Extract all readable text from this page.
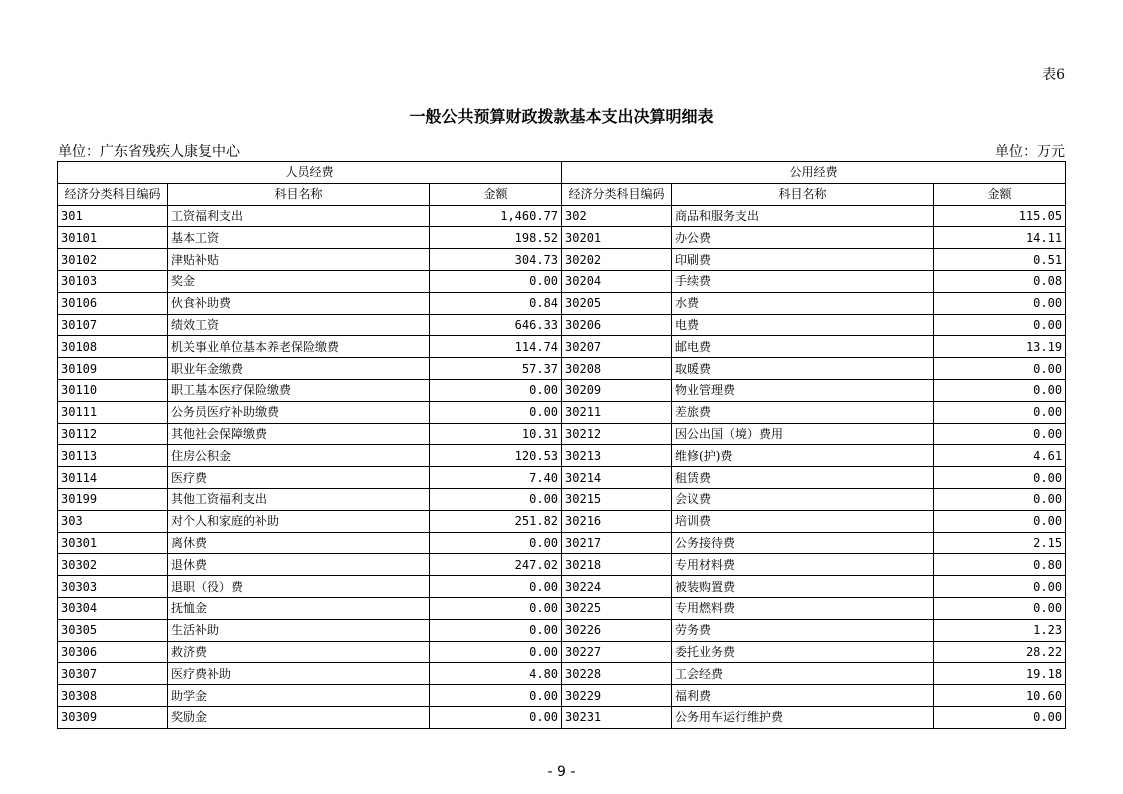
表6
一般公共预算财政拨款基本支出决算明细表
单位：广东省残疾人康复中心	单位：万元
人员经费			公用经费		
经济分类科目编码	科目名称	金额	经济分类科目编码	科目名称	金额
301	工资福利支出	1,460.77	302	商品和服务支出	115.05
30101	基本工资	198.52	30201	办公费	14.11
30102	津贴补贴	304.73	30202	印刷费	0.51
30103	奖金	0.00	30204	手续费	0.08
30106	伙食补助费	0.84	30205	水费	0.00
30107	绩效工资	646.33	30206	电费	0.00
30108	机关事业单位基本养老保险缴费	114.74	30207	邮电费	13.19
30109	职业年金缴费	57.37	30208	取暖费	0.00
30110	职工基本医疗保险缴费	0.00	30209	物业管理费	0.00
30111	公务员医疗补助缴费	0.00	30211	差旅费	0.00
30112	其他社会保障缴费	10.31	30212	因公出国（境）费用	0.00
30113	住房公积金	120.53	30213	维修(护)费	4.61
30114	医疗费	7.40	30214	租赁费	0.00
30199	其他工资福利支出	0.00	30215	会议费	0.00
303	对个人和家庭的补助	251.82	30216	培训费	0.00
30301	离休费	0.00	30217	公务接待费	2.15
30302	退休费	247.02	30218	专用材料费	0.80
30303	退职（役）费	0.00	30224	被装购置费	0.00
30304	抚恤金	0.00	30225	专用燃料费	0.00
30305	生活补助	0.00	30226	劳务费	1.23
30306	救济费	0.00	30227	委托业务费	28.22
30307	医疗费补助	4.80	30228	工会经费	19.18
30308	助学金	0.00	30229	福利费	10.60
30309	奖励金	0.00	30231	公务用车运行维护费	0.00
- 9 -
